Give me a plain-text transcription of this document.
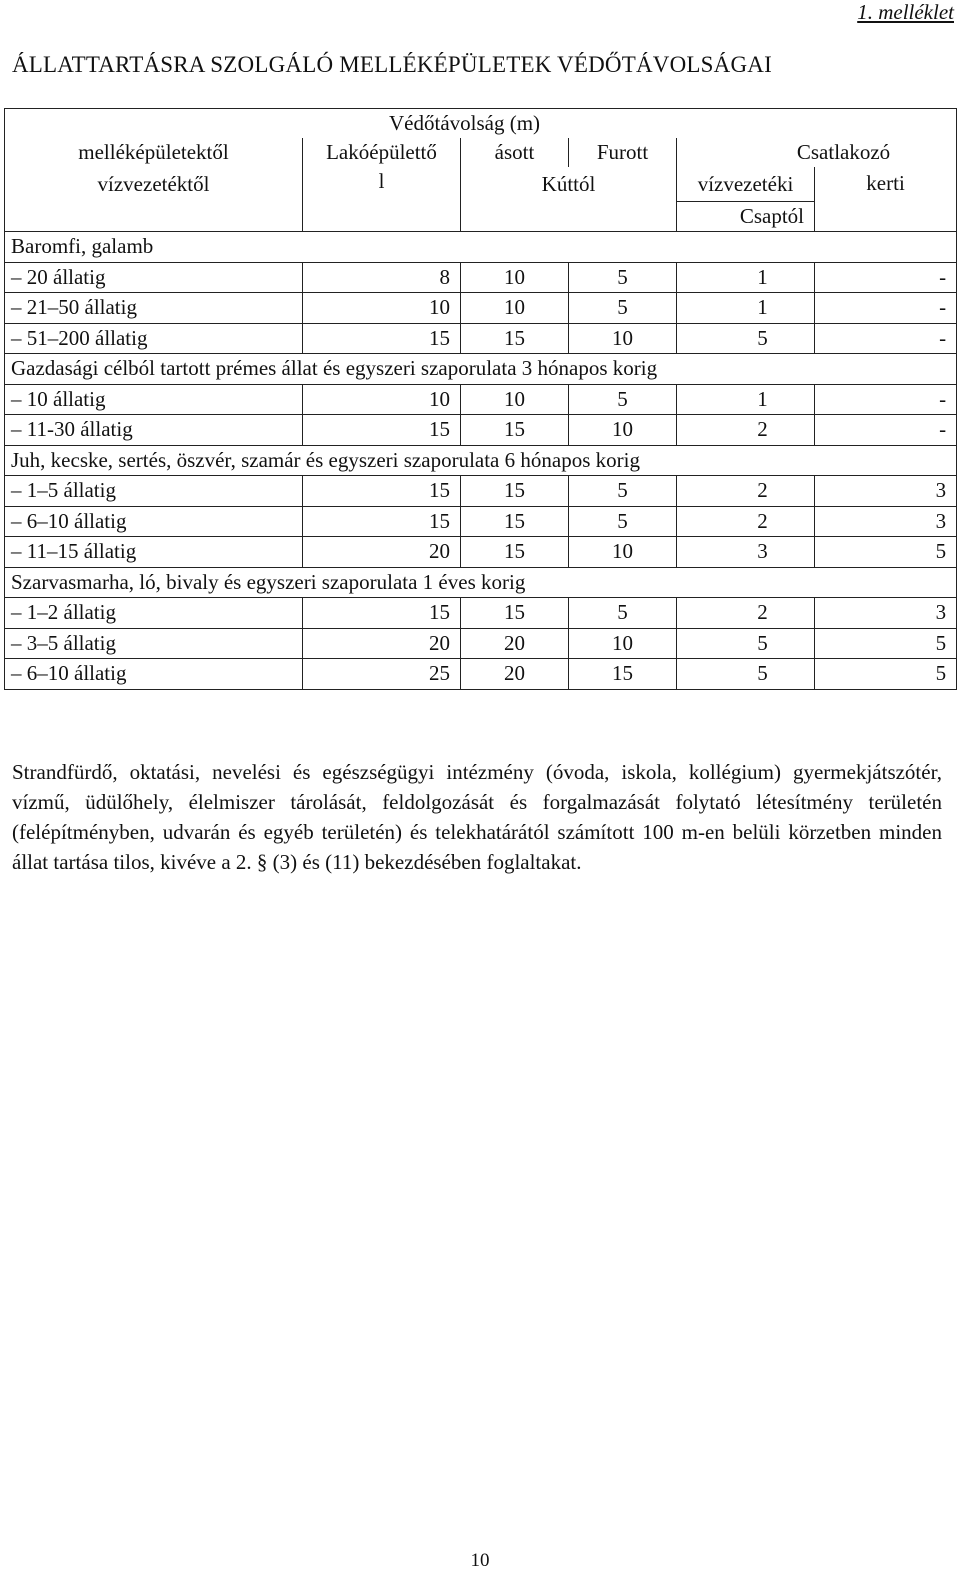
1. melléklet
ÁLLATTARTÁSRA SZOLGÁLÓ MELLÉKÉPÜLETEK VÉDŐTÁVOLSÁGAI
Védőtávolság (m)					
melléképületektől	Lakóépülettő
l	ásott	Furott	Csatlakozó	
vízvezetéktől		Kúttól		vízvezetéki	kerti
				Csaptól	
Baromfi, galamb					
– 20 állatig	8	10	5	1	-
– 21–50 állatig	10	10	5	1	-
– 51–200 állatig	15	15	10	5	-
Gazdasági célból tartott prémes állat és egyszeri szaporulata 3 hónapos korig					
– 10 állatig	10	10	5	1	-
– 11-30 állatig	15	15	10	2	-
Juh, kecske, sertés, öszvér, szamár és egyszeri szaporulata 6 hónapos korig					
– 1–5 állatig	15	15	5	2	3
– 6–10 állatig	15	15	5	2	3
– 11–15 állatig	20	15	10	3	5
Szarvasmarha, ló, bivaly és egyszeri szaporulata 1 éves korig					
– 1–2 állatig	15	15	5	2	3
– 3–5 állatig	20	20	10	5	5
– 6–10 állatig	25	20	15	5	5

Strandfürdő, oktatási, nevelési és egészségügyi intézmény (óvoda, iskola, kollégium) gyermekjátszótér, vízmű, üdülőhely, élelmiszer tárolását, feldolgozását és forgalmazását folytató létesítmény területén (felépítményben, udvarán és egyéb területén) és telekhatárától számított 100 m-en belüli körzetben minden állat tartása tilos, kivéve a 2. § (3) és (11) bekezdésében foglaltakat.

10
